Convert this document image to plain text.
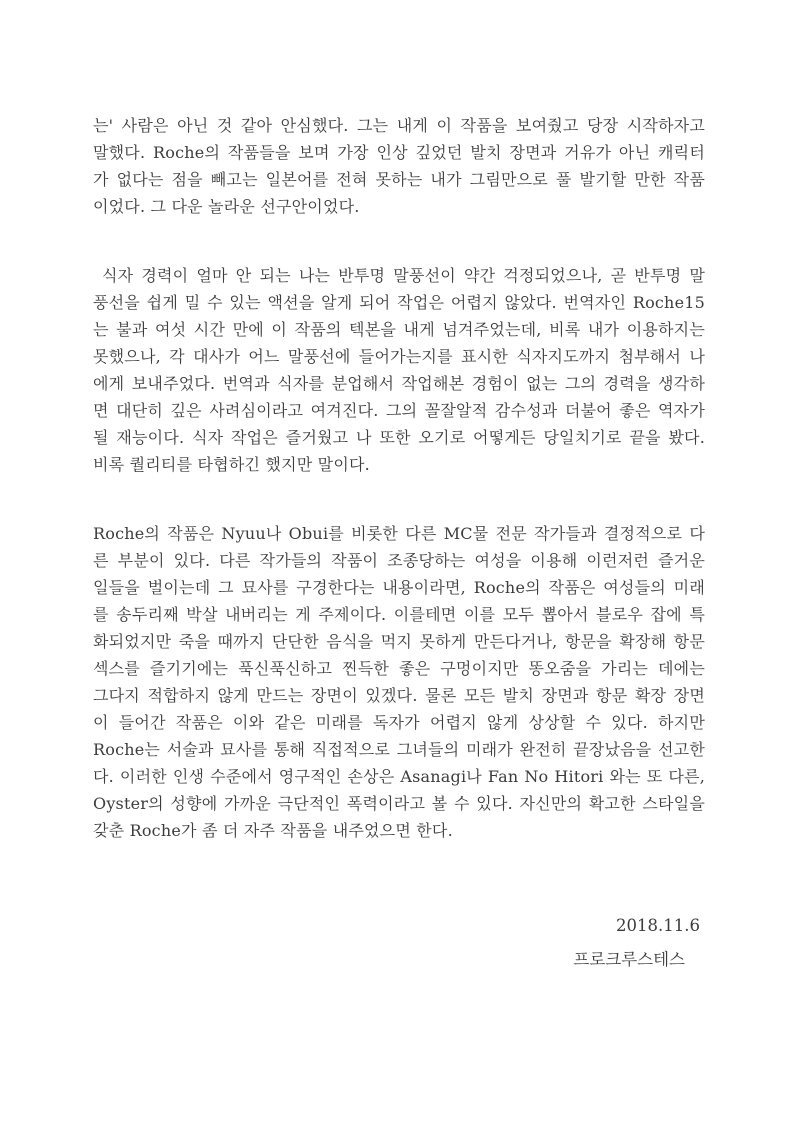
는' 사람은 아닌 것 같아 안심했다. 그는 내게 이 작품을 보여줬고 당장 시작하자고
말했다. Roche의 작품들을 보며 가장 인상 깊었던 발치 장면과 거유가 아닌 캐릭터
가 없다는 점을 빼고는 일본어를 전혀 못하는 내가 그림만으로 풀 발기할 만한 작품
이었다. 그 다운 놀라운 선구안이었다.
식자 경력이 얼마 안 되는 나는 반투명 말풍선이 약간 걱정되었으나, 곧 반투명 말
풍선을 쉽게 밀 수 있는 액션을 알게 되어 작업은 어렵지 않았다. 번역자인 Roche15
는 불과 여섯 시간 만에 이 작품의 텍본을 내게 넘겨주었는데, 비록 내가 이용하지는
못했으나, 각 대사가 어느 말풍선에 들어가는지를 표시한 식자지도까지 첨부해서 나
에게 보내주었다. 번역과 식자를 분업해서 작업해본 경험이 없는 그의 경력을 생각하
면 대단히 깊은 사려심이라고 여겨진다. 그의 꼴잘알적 감수성과 더불어 좋은 역자가
될 재능이다. 식자 작업은 즐거웠고 나 또한 오기로 어떻게든 당일치기로 끝을 봤다.
비록 퀄리티를 타협하긴 했지만 말이다.
Roche의 작품은 Nyuu나 Obui를 비롯한 다른 MC물 전문 작가들과 결정적으로 다
른 부분이 있다. 다른 작가들의 작품이 조종당하는 여성을 이용해 이런저런 즐거운
일들을 벌이는데 그 묘사를 구경한다는 내용이라면, Roche의 작품은 여성들의 미래
를 송두리째 박살 내버리는 게 주제이다. 이를테면 이를 모두 뽑아서 블로우 잡에 특
화되었지만 죽을 때까지 단단한 음식을 먹지 못하게 만든다거나, 항문을 확장해 항문
섹스를 즐기기에는 푹신푹신하고 찐득한 좋은 구멍이지만 똥오줌을 가리는 데에는
그다지 적합하지 않게 만드는 장면이 있겠다. 물론 모든 발치 장면과 항문 확장 장면
이 들어간 작품은 이와 같은 미래를 독자가 어렵지 않게 상상할 수 있다. 하지만
Roche는 서술과 묘사를 통해 직접적으로 그녀들의 미래가 완전히 끝장났음을 선고한
다. 이러한 인생 수준에서 영구적인 손상은 Asanagi나 Fan No Hitori 와는 또 다른,
Oyster의 성향에 가까운 극단적인 폭력이라고 볼 수 있다. 자신만의 확고한 스타일을
갖춘 Roche가 좀 더 자주 작품을 내주었으면 한다.
2018.11.6
프로크루스테스
